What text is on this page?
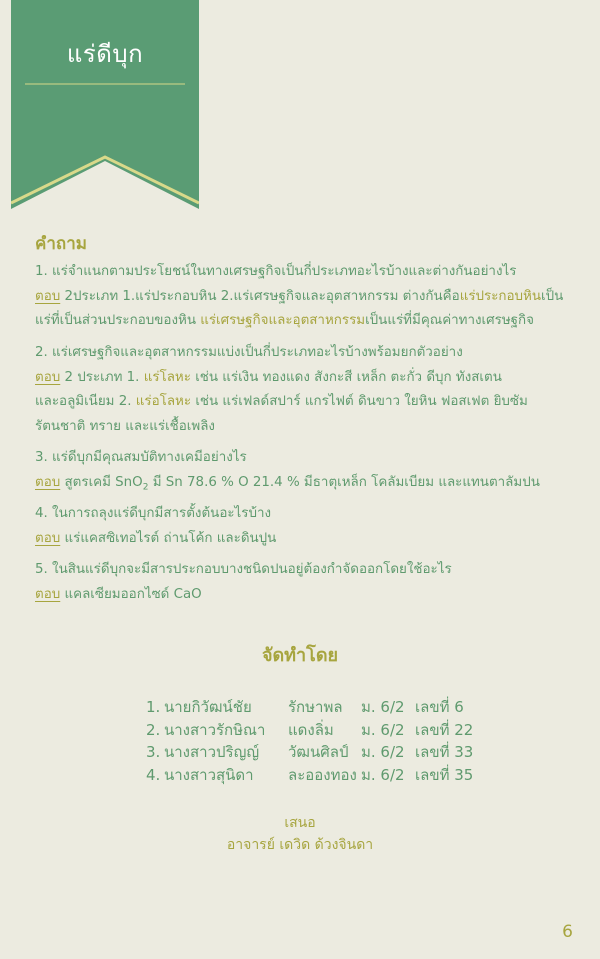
แร่ดีบุก
คำถาม

1. แร่จำแนกตามประโยชน์ในทางเศรษฐกิจเป็นกี่ประเภทอะไรบ้างและต่างกันอย่างไร

ตอบ 2ประเภท 1.แร่ประกอบหิน 2.แร่เศรษฐกิจและอุตสาหกรรม ต่างกันคือแร่ประกอบหินเป็น

แร่ที่เป็นส่วนประกอบของหิน แร่เศรษฐกิจและอุตสาหกรรมเป็นแร่ที่มีคุณค่าทางเศรษฐกิจ

2. แร่เศรษฐกิจและอุตสาหกรรมแบ่งเป็นกี่ประเภทอะไรบ้างพร้อมยกตัวอย่าง

ตอบ 2 ประเภท 1. แร่โลหะ เช่น แร่เงิน ทองแดง สังกะสี เหล็ก ตะกั่ว ดีบุก ทังสเตน

และอลูมิเนียม 2. แร่อโลหะ เช่น แร่เฟลด์สปาร์ แกรไฟต์ ดินขาว ใยหิน ฟอสเฟต ยิบซัม

รัตนชาติ ทราย และแร่เชื้อเพลิง

3. แร่ดีบุกมีคุณสมบัติทางเคมีอย่างไร

ตอบ สูตรเคมี SnO$_2$ มี Sn 78.6 % O 21.4 % มีธาตุเหล็ก โคลัมเบียม และแทนตาลัมปน

4. ในการถลุงแร่ดีบุกมีสารตั้งต้นอะไรบ้าง

ตอบ แร่แคสซิเทอไรต์ ถ่านโค้ก และดินปูน

5. ในสินแร่ดีบุกจะมีสารประกอบบางชนิดปนอยู่ต้องกำจัดออกโดยใช้อะไร

ตอบ แคลเซียมออกไซด์ CaO

จัดทำโดย
1. นายกิวัฒน์ชัย รักษาพล ม. 6/2 เลขที่ 6
2. นางสาวรักษิณา แดงลิ่ม ม. 6/2 เลขที่ 22
3. นางสาวปริญญ์ วัฒนศิลป์ ม. 6/2 เลขที่ 33
4. นางสาวสุนิดา ละอองทอง ม. 6/2 เลขที่ 35
เสนอ
อาจารย์ เดวิด ด้วงจินดา
6
